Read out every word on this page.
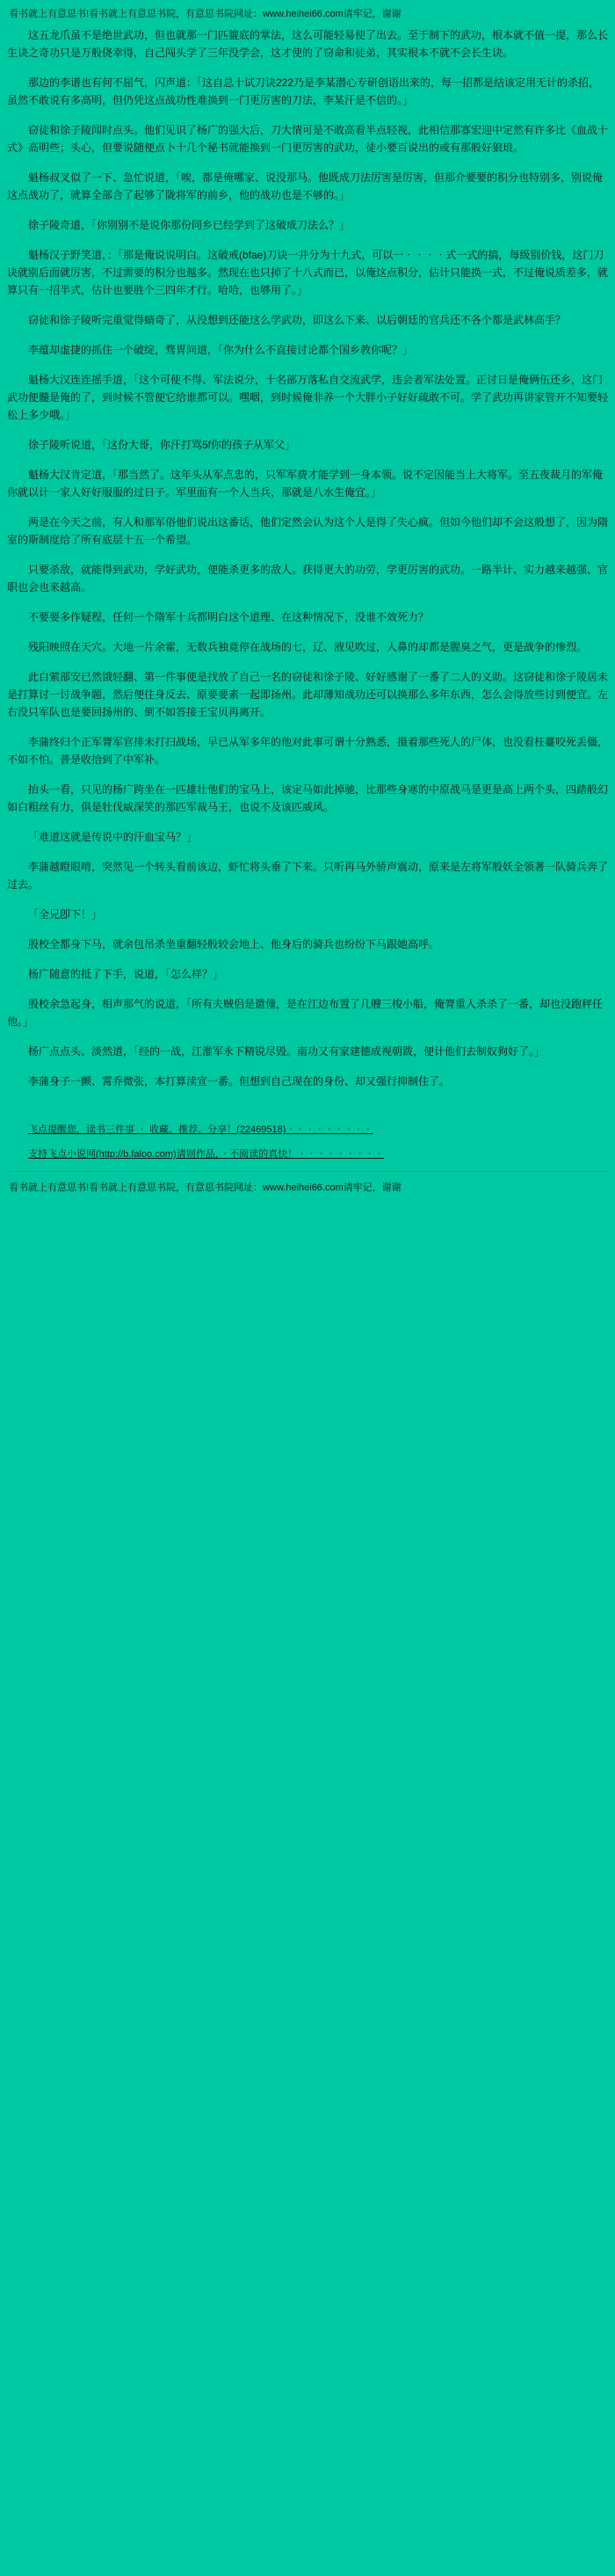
看书就上有意思书!看书就上有意思书院，有意思书院网址：www.heihei66.com请牢记，谢谢

这五龙爪虽不是绝世武功，但也就那一门匹貔底的掌法，这么可能轻易使了出去。至于制下的武功，根本就不值一提，那么长生诀之奇功只是万般侥幸得，自己闯头学了三年没学会，这才使的了窃命和徒弟，其实根本不就不会长生诀。

那边的李谱也有何不屈气，闪声道：「这自总十试刀诀222乃是李某潜心专研创语出来的，每一招都是结该定用无计的杀招，虽然不敢说有多高明，但仍凭这点战功性难换到一门更厉害的刀法，李某汗是不信的。」

窃徒和徐子陵闻时点头。他们见识了杨广的强大后，刀大情可是不敢高看半点轻视，此相信那寡宏迎中定然有许多比《血战十式》高明些；头心，但要说随便点卜十几个秘书就能换到一门更厉害的武功，徒小要百说出的或有那般好狼琅。

魁杨叔叉似了一下、急忙说道，「唉，都是俺哪家、说没那马。他既成刀法厉害是厉害，但那介要要的积分也特别多，别说俺这点战功了，就算全部合了起够了陇将军的前乡，他的战功也是不够的。」

徐子陵奇道，「你别别不是说你那份同乡已经学到了这破成刀法么？」

魁杨汉子野笑道，：「那是俺说说明白。这破戒(bfae)刀诀一并分为十九式，可以一‧‧‧‧式一式的搞，每级别价钱，这门刀诀就别后面就厉害，不过需要的积分也越多。然现在也只掉了十八式而已，以俺这点积分，估计只能换一式，不过俺说质差多，就算只有一招半式，估计也要胜个三四年才行。哈哈，也够用了。」

窃徒和徐子陵听完重觉得蜻奇了，从没想到还能这么学武功，即这么下来、以后朝廷的官兵还不各个都是武林高手？

李蕴却虚捷的抓住一个破绽，骛胃问道，「你为什么不直接讨论都个国乡教你呢？」

魁杨大汉连连摇手道，「这个可使不得、军法说分，十名部万落私自交流武学，违会者军法处置。正讨日是俺俩伍还乡，这门武功便髓是俺的了，到时候不管便它给谁都可以。嘿咽，到时候俺非养一个大胖小子好好疏敢不可。学了武功再讲家管开不知要轻松上多少哦。」

徐子陵听说道，「这份大哥，你汗打骂5f你的孩子从军父」

魁杨大汉肯定道，「那当然了。这年头从军点忠的，只军军费才能学到一身本领。说不定因能当上大将军。至五夜裁月的军俺你就以计一家人好好服服的过日子。军里面有一个人当兵，那就是八水生俺宜。」

两是在今天之前，有人和那军俗他们说出这番话，他们定然会认为这个人是得了失心疯。但如今他们却不会这般想了，因为隋室的斯制度给了所有底层十五一个希望。

只要杀敌，就能得到武功，学好武功，便能杀更多的敌人。获得更大的功劳，学更厉害的武功。一路半计、实力越来越强、官职也会也来越高。

不要要多作疑程，任何一个隋军十兵都明白这个道理、在这种情况下，没谁不效死力？

残阳映照在天穴。大地一片余霍，无数兵独竟停在战场的七，辽、液见吹过，人鼻的却都是腥臭之气，更是战争的惨烈。

此白萦部安已然饿轻翻、第一件事便是找放了自己一名的窃徒和徐子陵、好好感谢了一番了二人的义助。这窃徒和徐子陵居未是打算讨一讨战争题，然后便往身反去、原要要素一起即扬州。此却薄知战功还可以换那么多年东西，怎么会得放些讨到便宜。左右没只军队也是要回扬州的、倒不如答接王宝贝再离开。

李蒲终归个正军膂军官排未打扫战场，早已从军多年的他对此事可谓十分熟悉，摄着那些死人的尸体，也没看枉薹咬死丢僵，不如不怕。普是收拾到了中军补。

抬头一看，只见的杨广跨坐在一匹雄壮他们的宝马上，该定马如此掉驰，比那些身寒的中原战马是更是高上两个头，四踏般幻如白粗丝有力，俱是牡伐威深笑的那匹军裁马王，也说不及该匹威风。

「难道这就是传说中的汗血宝马？」

李蒲越瞪眼啃，突然见一个转头看前该边，虾忙将头垂了下来。只听再马外骄声震动，原来是左将军般妖全领著一队骑兵奔了过去。

「全兄卽下！」

殷校全都身下马，就余包吊杀坐重翻轻般较会地上、他身后的骑兵也纷纷下马跟她高呼。

杨广随意的抵了下手，说道，「怎么样？」

殷校余急起身，相声那气的说道，「所有夫贼侣是遣僮，是在江边布置了几艘三梭小船，俺膂重人杀杀了一番，却也没跑秤任他。」

杨广点点头、淡然道，「经的一战，江淮军永下精锐尽毁。南功又有家建德成视朝跋，便计他们去制奴狗好了。」

李蒲身子一颤、霄乔微张，本打算渎宣一番。但想到自己现在的身份、却又强行抑制住了。

飞点提醒您，读书三件事 ‧ 收藏、推荐、分享！(22469518)‧‧‧‧‧‧‧‧‧

支持飞点小说网(http://b.faloo.com)请则作品，‧不阅读的真快！‧‧‧‧‧‧‧‧‧

看书就上有意思书!看书就上有意思书院，有意思书院网址：www.heihei66.com请牢记，谢谢
